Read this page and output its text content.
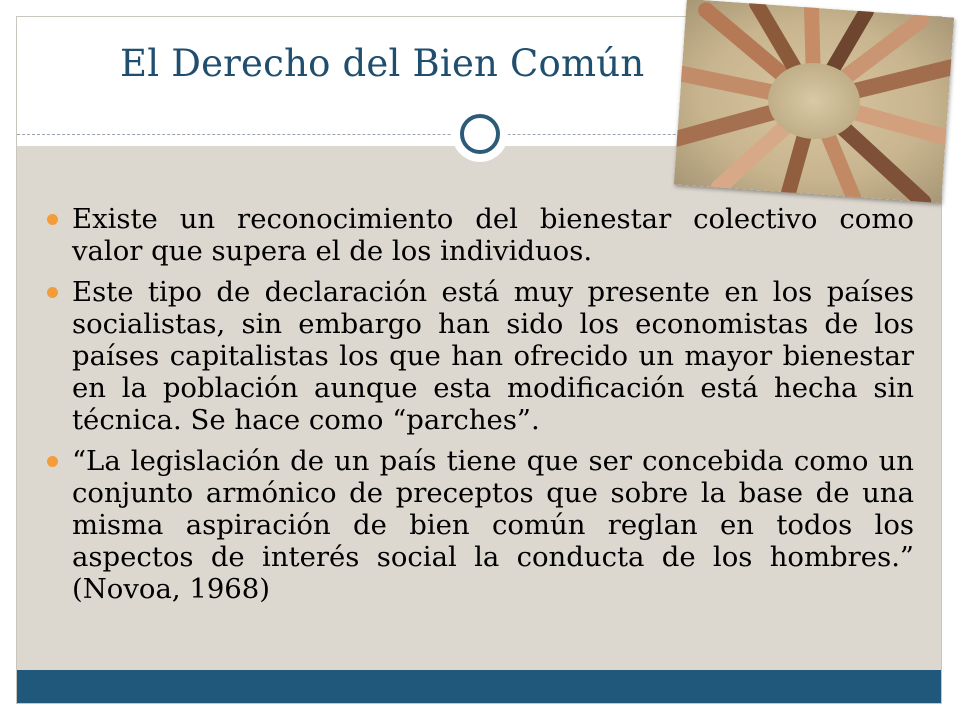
El Derecho del Bien Común
Existe un reconocimiento del bienestar colectivo como valor que supera el de los individuos.
Este tipo de declaración está muy presente en los países socialistas, sin embargo han sido los economistas de los países capitalistas los que han ofrecido un mayor bienestar en la población aunque esta modificación está hecha sin técnica. Se hace como “parches”.
“La legislación de un país tiene que ser concebida como un conjunto armónico de preceptos que sobre la base de una misma aspiración de bien común reglan en todos los aspectos de interés social la conducta de los hombres.” (Novoa, 1968)
